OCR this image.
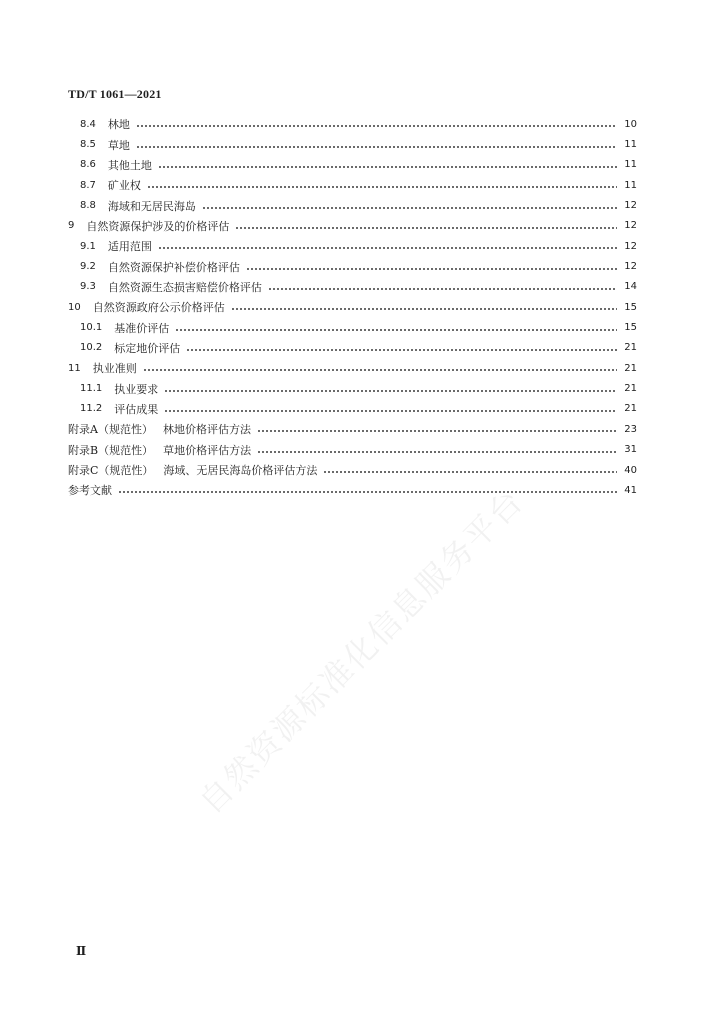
自然资源标准化信息服务平台
TD/T 1061—2021
8.4 林地	10
8.5 草地	11
8.6 其他土地	11
8.7 矿业权	11
8.8 海域和无居民海岛	12
9 自然资源保护涉及的价格评估	12
9.1 适用范围	12
9.2 自然资源保护补偿价格评估	12
9.3 自然资源生态损害赔偿价格评估	14
10 自然资源政府公示价格评估	15
10.1 基准价评估	15
10.2 标定地价评估	21
11 执业准则	21
11.1 执业要求	21
11.2 评估成果	21
附录A（规范性） 林地价格评估方法	23
附录B（规范性） 草地价格评估方法	31
附录C（规范性） 海域、无居民海岛价格评估方法	40
参考文献	41
Ⅱ
